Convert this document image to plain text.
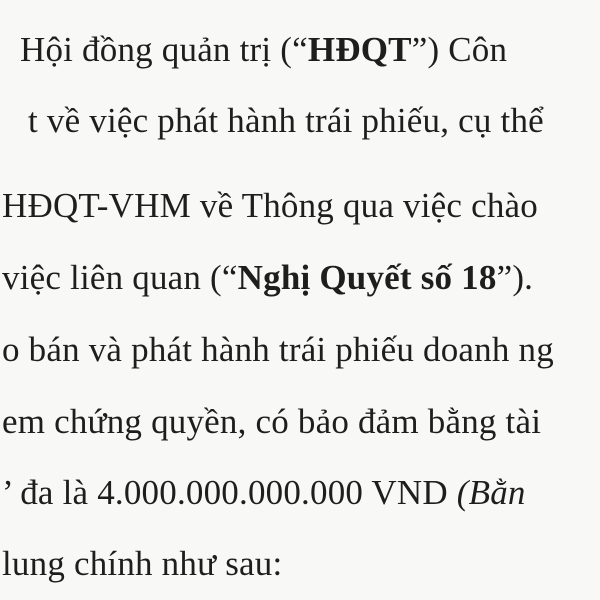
Hội đồng quản trị (“HĐQT”) Côn
t về việc phát hành trái phiếu, cụ thể
HĐQT-VHM về Thông qua việc chào
việc liên quan (“Nghị Quyết số 18”).
o bán và phát hành trái phiếu doanh ng
em chứng quyền, có bảo đảm bằng tài
’ đa là 4.000.000.000.000 VND (Bằn
lung chính như sau:
